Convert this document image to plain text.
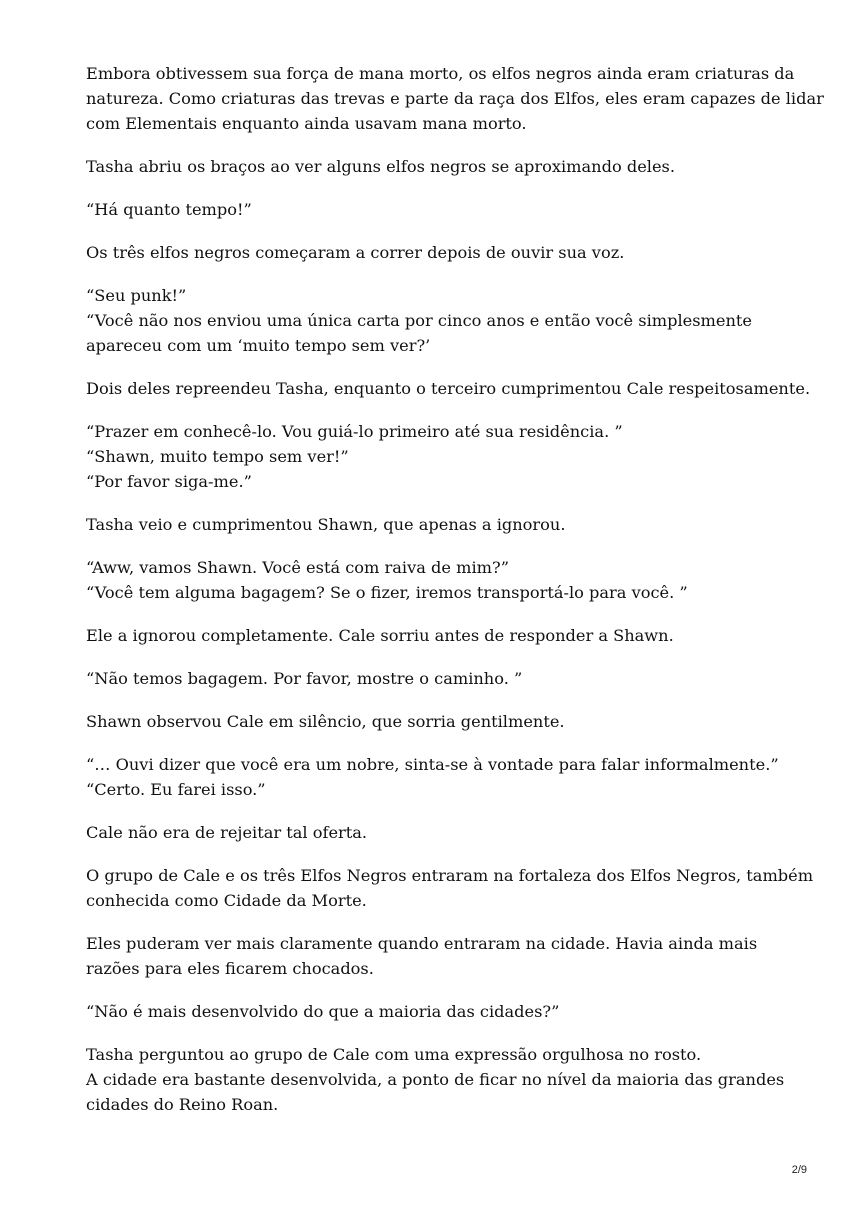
Embora obtivessem sua força de mana morto, os elfos negros ainda eram criaturas da
natureza. Como criaturas das trevas e parte da raça dos Elfos, eles eram capazes de lidar
com Elementais enquanto ainda usavam mana morto.

Tasha abriu os braços ao ver alguns elfos negros se aproximando deles.

“Há quanto tempo!”

Os três elfos negros começaram a correr depois de ouvir sua voz.

“Seu punk!”
“Você não nos enviou uma única carta por cinco anos e então você simplesmente
apareceu com um ‘muito tempo sem ver?’

Dois deles repreendeu Tasha, enquanto o terceiro cumprimentou Cale respeitosamente.

“Prazer em conhecê-lo. Vou guiá-lo primeiro até sua residência. ”
“Shawn, muito tempo sem ver!”
“Por favor siga-me.”

Tasha veio e cumprimentou Shawn, que apenas a ignorou.

“Aww, vamos Shawn. Você está com raiva de mim?”
“Você tem alguma bagagem? Se o fizer, iremos transportá-lo para você. ”

Ele a ignorou completamente. Cale sorriu antes de responder a Shawn.

“Não temos bagagem. Por favor, mostre o caminho. ”

Shawn observou Cale em silêncio, que sorria gentilmente.

“… Ouvi dizer que você era um nobre, sinta-se à vontade para falar informalmente.”
“Certo. Eu farei isso.”

Cale não era de rejeitar tal oferta.

O grupo de Cale e os três Elfos Negros entraram na fortaleza dos Elfos Negros, também
conhecida como Cidade da Morte.

Eles puderam ver mais claramente quando entraram na cidade. Havia ainda mais
razões para eles ficarem chocados.

“Não é mais desenvolvido do que a maioria das cidades?”

Tasha perguntou ao grupo de Cale com uma expressão orgulhosa no rosto.
A cidade era bastante desenvolvida, a ponto de ficar no nível da maioria das grandes
cidades do Reino Roan.

2/9
